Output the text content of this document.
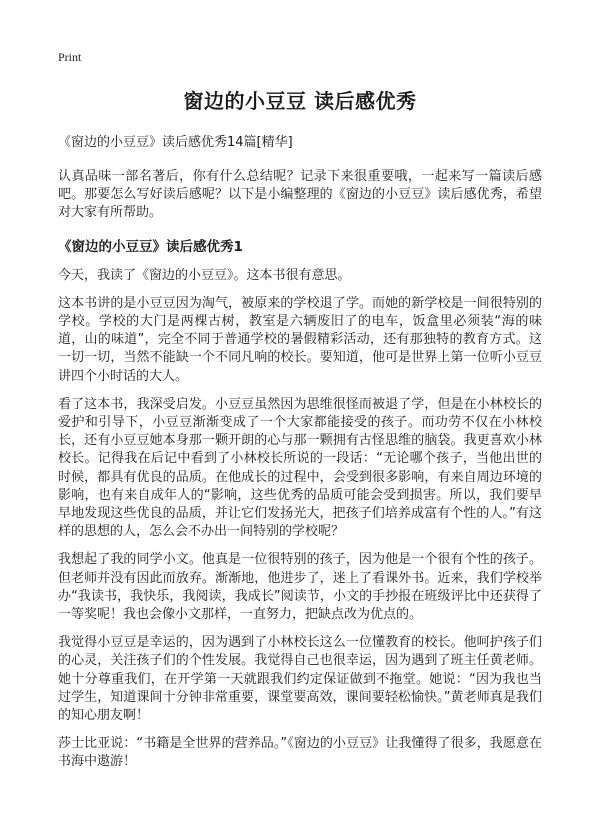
Print
窗边的小豆豆 读后感优秀

《窗边的小豆豆》读后感优秀14篇[精华]

认真品味一部名著后，你有什么总结呢？记录下来很重要哦，一起来写一篇读后感吧。那要怎么写好读后感呢？以下是小编整理的《窗边的小豆豆》读后感优秀，希望对大家有所帮助。

《窗边的小豆豆》读后感优秀1

今天，我读了《窗边的小豆豆》。这本书很有意思。

这本书讲的是小豆豆因为淘气，被原来的学校退了学。而她的新学校是一间很特别的学校。学校的大门是两棵古树，教室是六辆废旧了的电车，饭盒里必须装“海的味道，山的味道”，完全不同于普通学校的暑假精彩活动，还有那独特的教育方式。这一切一切，当然不能缺一个不同凡响的校长。要知道，他可是世界上第一位听小豆豆讲四个小时话的大人。

看了这本书，我深受启发。小豆豆虽然因为思维很怪而被退了学，但是在小林校长的爱护和引导下，小豆豆渐渐变成了一个大家都能接受的孩子。而功劳不仅在小林校长，还有小豆豆她本身那一颗开朗的心与那一颗拥有古怪思维的脑袋。我更喜欢小林校长。记得我在后记中看到了小林校长所说的一段话：“无论哪个孩子，当他出世的时候，都具有优良的品质。在他成长的过程中，会受到很多影响，有来自周边环境的影响，也有来自成年人的“影响，这些优秀的品质可能会受到损害。所以，我们要早早地发现这些优良的品质，并让它们发扬光大，把孩子们培养成富有个性的人。”有这样的思想的人，怎么会不办出一间特别的学校呢？

我想起了我的同学小文。他真是一位很特别的孩子，因为他是一个很有个性的孩子。但老师并没有因此而放弃。渐渐地，他进步了，迷上了看课外书。近来，我们学校举办“我读书，我快乐，我阅读，我成长”阅读节，小文的手抄报在班级评比中还获得了一等奖呢！我也会像小文那样，一直努力，把缺点改为优点的。

我觉得小豆豆是幸运的，因为遇到了小林校长这么一位懂教育的校长。他呵护孩子们的心灵，关注孩子们的个性发展。我觉得自己也很幸运，因为遇到了班主任黄老师。她十分尊重我们，在开学第一天就跟我们约定保证做到不拖堂。她说：“因为我也当过学生，知道课间十分钟非常重要，课堂要高效，课间要轻松愉快。”黄老师真是我们的知心朋友啊！

莎士比亚说：“书籍是全世界的营养品。”《窗边的小豆豆》让我懂得了很多，我愿意在书海中遨游！
